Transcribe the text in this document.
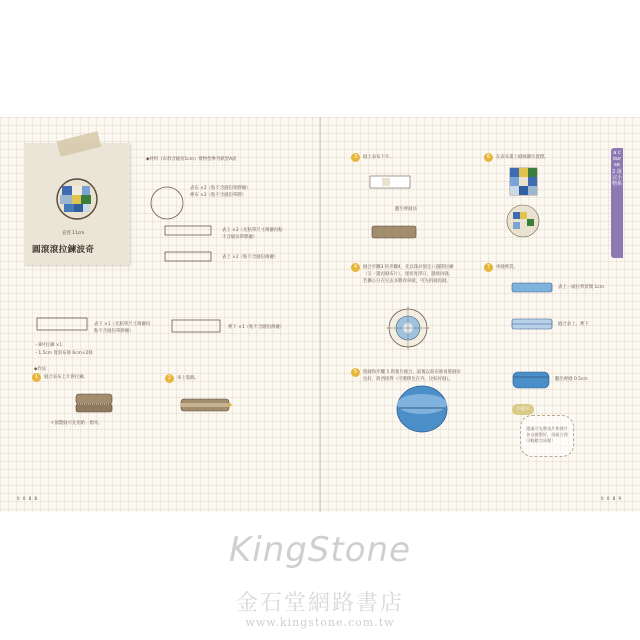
直徑 11cm
圓滾滾拉鍊波奇
◆材料（布料含縫份1cm）實物型參考紙型A面
表布 ×2（粘不含縫份單膠襯）
裡布 ×2（粘不含縫份單膠）
表上 ×2（先粘單尺寸薄襯再粘
不含縫份單膠襯）
表上 ×2（粘不含縫份薄襯）
表下 ×1（先粘單尺寸薄襯再
粘不含縫份單膠襯）
裡下 ×1（粘不含縫份薄襯）
・8吋拉鍊 ×1
・1.5cm 寬斜布條 6cm×2條
◆作法
1	縫合表布上片與拉鍊。
＊預覽縫可先用紙一類夾。
2	車上裝飾。
0 0 8 8
3	縫上表布下片。
翻至裡縫法
4	縫合步驟3 的步驟4，先以珠針固定八個開拉鍊
（又一邊再縫布片），逐密度淨口，邊縫再縫。
若攜心分在兒去多數看車縫，可先拆縫再縫。
5	將縫和步驟 5 與裏片縫合，最後以斜布條再將縫份
包好，與西接齊（可選擇包在外，比較好縫）。
6	在表布畫上縫線圖位置標。
7	車縫裡袋。
表上一頭拉齊留開 1cm
縫合表上、裡下
翻出裡縫 0.5cm
小提示
建議可先將表片和裡片各自縫製好，再組合即可輕鬆完成喔！
a course 2 滾完小物系
0 0 8 9
KingStone
金石堂網路書店
www.kingstone.com.tw
